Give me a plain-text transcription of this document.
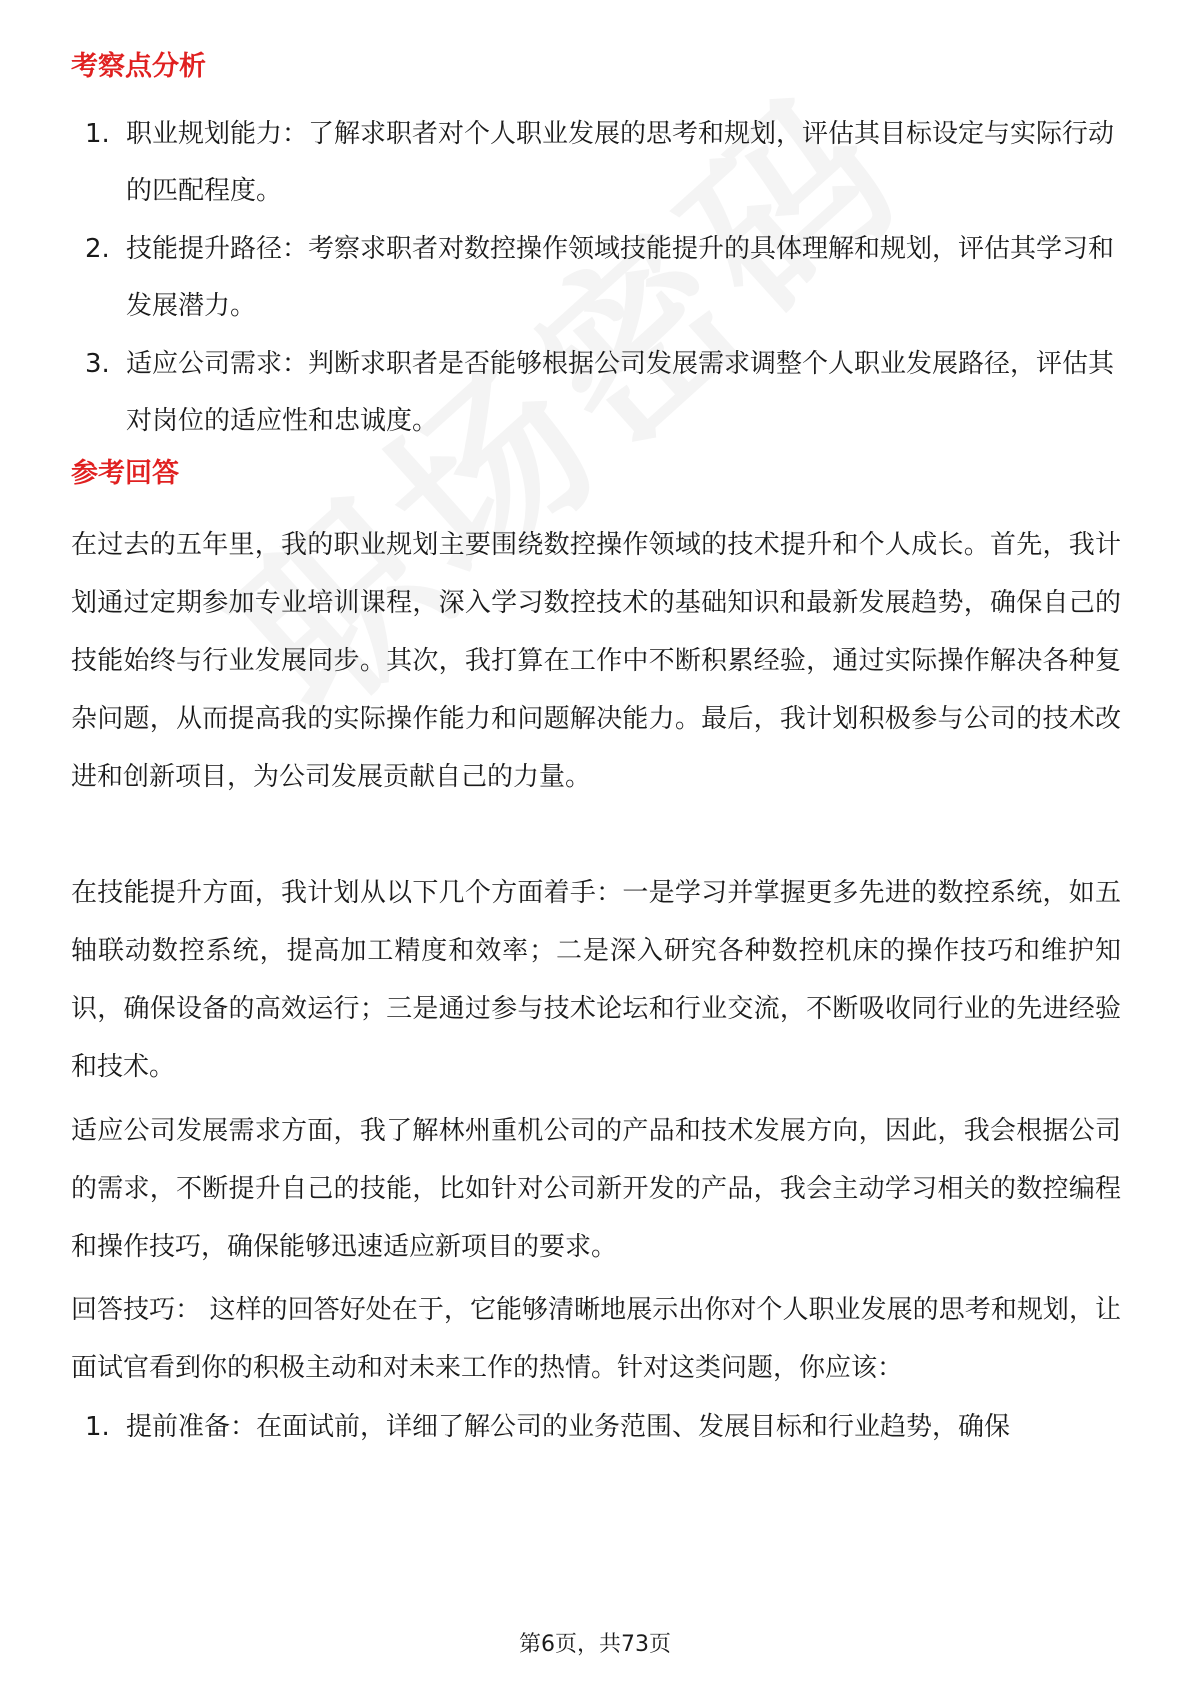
考察点分析
1. 职业规划能力：了解求职者对个人职业发展的思考和规划，评估其目标设定与实际行动的匹配程度。
2. 技能提升路径：考察求职者对数控操作领域技能提升的具体理解和规划，评估其学习和发展潜力。
3. 适应公司需求：判断求职者是否能够根据公司发展需求调整个人职业发展路径，评估其对岗位的适应性和忠诚度。
参考回答

在过去的五年里，我的职业规划主要围绕数控操作领域的技术提升和个人成长。首先，我计划通过定期参加专业培训课程，深入学习数控技术的基础知识和最新发展趋势，确保自己的技能始终与行业发展同步。其次，我打算在工作中不断积累经验，通过实际操作解决各种复杂问题，从而提高我的实际操作能力和问题解决能力。最后，我计划积极参与公司的技术改进和创新项目，为公司发展贡献自己的力量。

在技能提升方面，我计划从以下几个方面着手：一是学习并掌握更多先进的数控系统，如五轴联动数控系统，提高加工精度和效率；二是深入研究各种数控机床的操作技巧和维护知识，确保设备的高效运行；三是通过参与技术论坛和行业交流，不断吸收同行业的先进经验和技术。

适应公司发展需求方面，我了解林州重机公司的产品和技术发展方向，因此，我会根据公司的需求，不断提升自己的技能，比如针对公司新开发的产品，我会主动学习相关的数控编程和操作技巧，确保能够迅速适应新项目的要求。

回答技巧： 这样的回答好处在于，它能够清晰地展示出你对个人职业发展的思考和规划，让面试官看到你的积极主动和对未来工作的热情。针对这类问题，你应该：

1. 提前准备：在面试前，详细了解公司的业务范围、发展目标和行业趋势，确保
第6页，共73页
